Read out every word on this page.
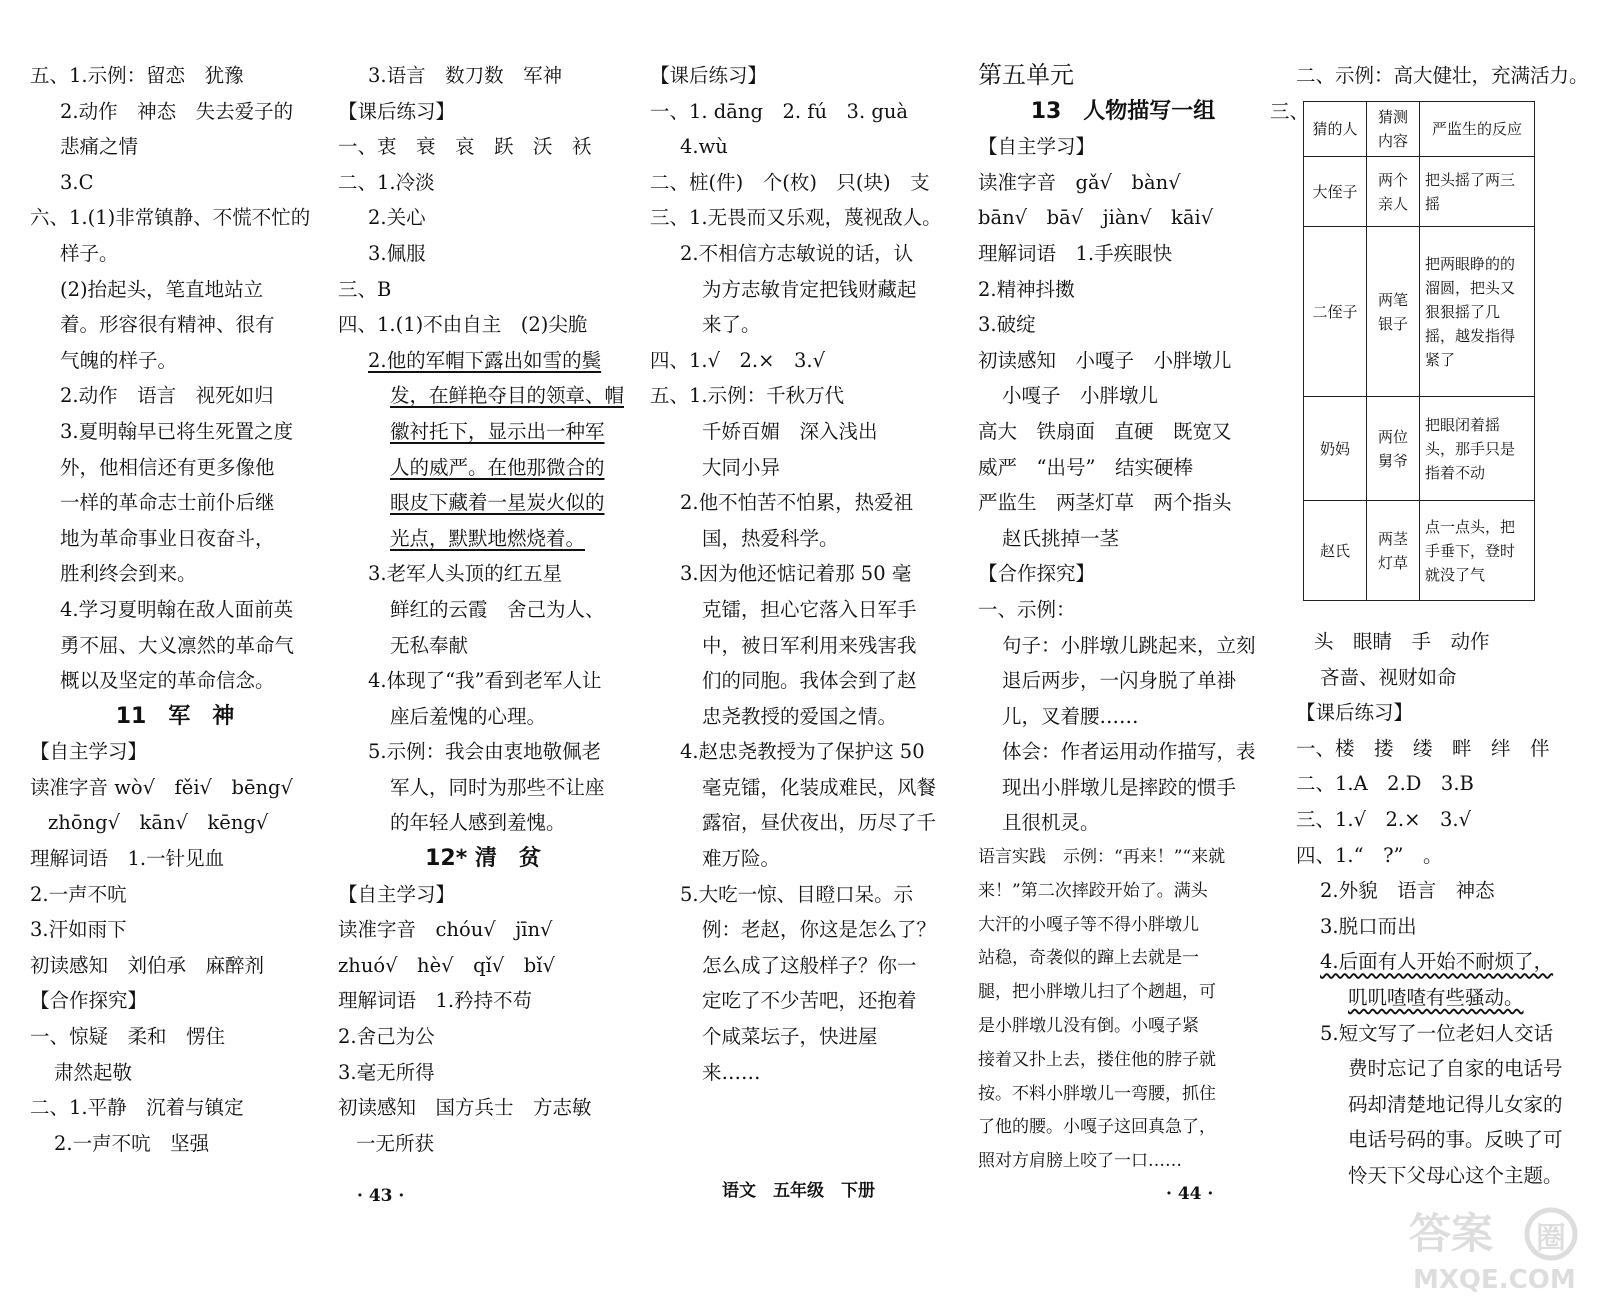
五、1.示例：留恋　犹豫
2.动作　神态　失去爱子的
悲痛之情
3.C
六、1.(1)非常镇静、不慌不忙的
样子。
(2)抬起头，笔直地站立
着。形容很有精神、很有
气魄的样子。
2.动作　语言　视死如归
3.夏明翰早已将生死置之度
外，他相信还有更多像他
一样的革命志士前仆后继
地为革命事业日夜奋斗，
胜利终会到来。
4.学习夏明翰在敌人面前英
勇不屈、大义凛然的革命气
概以及坚定的革命信念。
11　军　神
【自主学习】
读准字音 wò√　fěi√　bēng√
zhōng√　kān√　kēng√
理解词语　1.一针见血
2.一声不吭
3.汗如雨下
初读感知　刘伯承　麻醉剂
【合作探究】
一、惊疑　柔和　愣住
肃然起敬
二、1.平静　沉着与镇定
2.一声不吭　坚强
3.语言　数刀数　军神
【课后练习】
一、衷　衰　哀　跃　沃　袄
二、1.冷淡
2.关心
3.佩服
三、B
四、1.(1)不由自主　(2)尖脆
2.他的军帽下露出如雪的鬓
发，在鲜艳夺目的领章、帽
徽衬托下，显示出一种军
人的威严。在他那微合的
眼皮下藏着一星炭火似的
光点，默默地燃烧着。
3.老军人头顶的红五星
鲜红的云霞　舍己为人、
无私奉献
4.体现了“我”看到老军人让
座后羞愧的心理。
5.示例：我会由衷地敬佩老
军人，同时为那些不让座
的年轻人感到羞愧。
12* 清　贫
【自主学习】
读准字音　chóu√　jīn√
zhuó√　hè√　qǐ√　bǐ√
理解词语　1.矜持不苟
2.舍己为公
3.毫无所得
初读感知　国方兵士　方志敏
一无所获
【课后练习】
一、1. dāng　2. fú　3. guà
4.wù
二、桩(件)　个(枚)　只(块)　支
三、1.无畏而又乐观，蔑视敌人。
2.不相信方志敏说的话，认
为方志敏肯定把钱财藏起
来了。
四、1.√　2.×　3.√
五、1.示例：千秋万代
千娇百媚　深入浅出
大同小异
2.他不怕苦不怕累，热爱祖
国，热爱科学。
3.因为他还惦记着那 50 毫
克镭，担心它落入日军手
中，被日军利用来残害我
们的同胞。我体会到了赵
忠尧教授的爱国之情。
4.赵忠尧教授为了保护这 50
毫克镭，化装成难民，风餐
露宿，昼伏夜出，历尽了千
难万险。
5.大吃一惊、目瞪口呆。示
例：老赵，你这是怎么了？
怎么成了这般样子？你一
定吃了不少苦吧，还抱着
个咸菜坛子，快进屋
来……
第五单元
13　人物描写一组
【自主学习】
读准字音　gǎ√　bàn√
bān√　bā√　jiàn√　kāi√
理解词语　1.手疾眼快
2.精神抖擞
3.破绽
初读感知　小嘎子　小胖墩儿
小嘎子　小胖墩儿
高大　铁扇面　直硬　既宽又
威严　“出号”　结实硬棒
严监生　两茎灯草　两个指头
赵氏挑掉一茎
【合作探究】
一、示例：
句子：小胖墩儿跳起来，立刻
退后两步，一闪身脱了单褂
儿，叉着腰……
体会：作者运用动作描写，表
现出小胖墩儿是摔跤的惯手
且很机灵。
语言实践　示例：“再来！”“来就
来！”第二次摔跤开始了。满头
大汗的小嘎子等不得小胖墩儿
站稳，奇袭似的蹿上去就是一
腿，把小胖墩儿扫了个趔趄，可
是小胖墩儿没有倒。小嘎子紧
接着又扑上去，搂住他的脖子就
按。不料小胖墩儿一弯腰，抓住
了他的腰。小嘎子这回真急了，
照对方肩膀上咬了一口……
二、示例：高大健壮，充满活力。
三、
猜的人	猜测内容	严监生的反应
大侄子	两个亲人	把头摇了两三摇
二侄子	两笔银子	把两眼睁的的溜圆，把头又狠狠摇了几摇，越发指得紧了
奶妈	两位舅爷	把眼闭着摇头，那手只是指着不动
赵氏	两茎灯草	点一点头，把手垂下，登时就没了气
头　眼睛　手　动作
吝啬、视财如命
【课后练习】
一、楼　搂　缕　畔　绊　伴
二、1.A　2.D　3.B
三、1.√　2.×　3.√
四、1.“　?”　。
2.外貌　语言　神态
3.脱口而出
4.后面有人开始不耐烦了，
叽叽喳喳有些骚动。
5.短文写了一位老妇人交话
费时忘记了自家的电话号
码却清楚地记得儿女家的
电话号码的事。反映了可
怜天下父母心这个主题。
· 43 ·	语文　五年级　下册	· 44 ·
答案 圈
MXQE.COM
